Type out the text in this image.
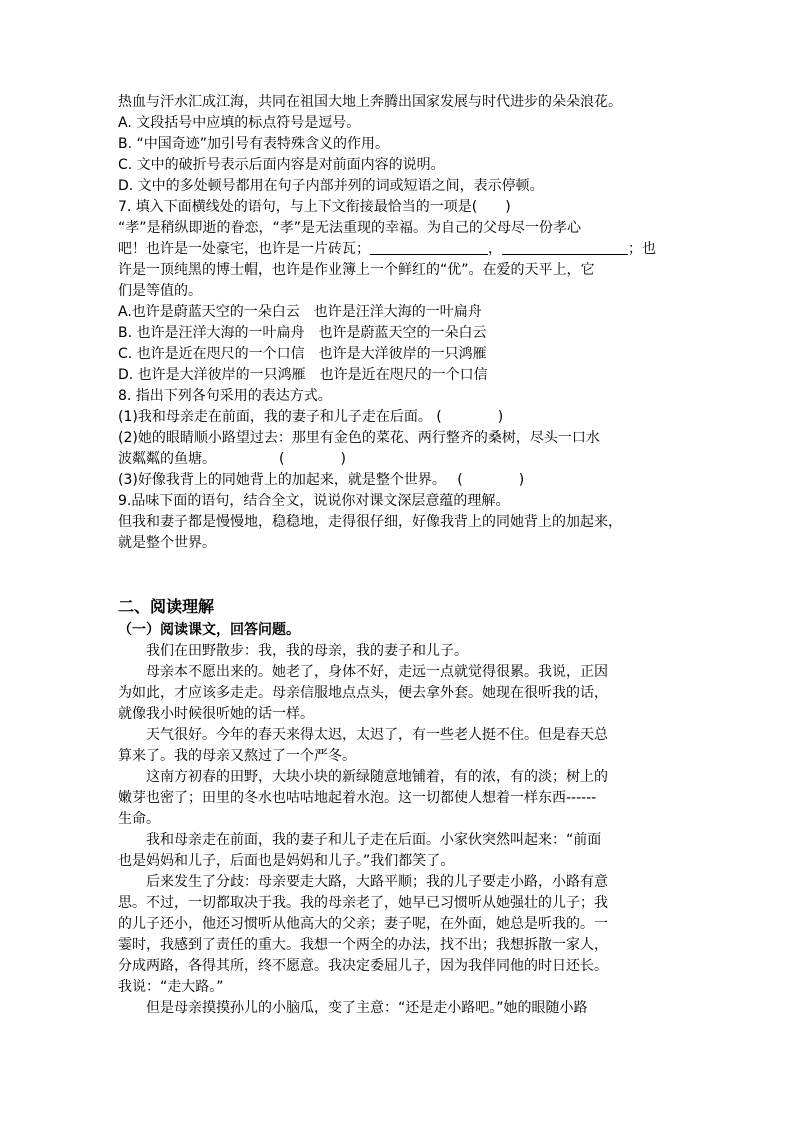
热血与汗水汇成江海，共同在祖国大地上奔腾出国家发展与时代进步的朵朵浪花。
A. 文段括号中应填的标点符号是逗号。
B. “中国奇迹”加引号有表特殊含义的作用。
C. 文中的破折号表示后面内容是对前面内容的说明。
D. 文中的多处顿号都用在句子内部并列的词或短语之间，表示停顿。
7. 填入下面横线处的语句，与上下文衔接最恰当的一项是(　　)
“孝”是稍纵即逝的眷恋，“孝”是无法重现的幸福。为自己的父母尽一份孝心
吧！也许是一处豪宅，也许是一片砖瓦；	，	；也
许是一顶纯黑的博士帽，也许是作业簿上一个鲜红的“优”。在爱的天平上，它
们是等值的。
A.也许是蔚蓝天空的一朵白云　也许是汪洋大海的一叶扁舟
B. 也许是汪洋大海的一叶扁舟　也许是蔚蓝天空的一朵白云
C. 也许是近在咫尺的一个口信　也许是大洋彼岸的一只鸿雁
D. 也许是大洋彼岸的一只鸿雁　也许是近在咫尺的一个口信
8. 指出下列各句采用的表达方式。
(1)我和母亲走在前面，我的妻子和儿子走在后面。 (　　　　)
(2)她的眼睛顺小路望过去：那里有金色的菜花、两行整齐的桑树，尽头一口水
波粼粼的鱼塘。　　　　　(　　　　)
(3)好像我背上的同她背上的加起来，就是整个世界。　 (　　　　)
9.品味下面的语句，结合全文，说说你对课文深层意蕴的理解。
但我和妻子都是慢慢地，稳稳地，走得很仔细，好像我背上的同她背上的加起来，
就是整个世界。
二、阅读理解
（一）阅读课文，回答问题。
我们在田野散步：我，我的母亲，我的妻子和儿子。
母亲本不愿出来的。她老了，身体不好，走远一点就觉得很累。我说，正因
为如此，才应该多走走。母亲信服地点点头，便去拿外套。她现在很听我的话，
就像我小时候很听她的话一样。
天气很好。今年的春天来得太迟，太迟了，有一些老人挺不住。但是春天总
算来了。我的母亲又熬过了一个严冬。
这南方初春的田野，大块小块的新绿随意地铺着，有的浓，有的淡；树上的
嫩芽也密了；田里的冬水也咕咕地起着水泡。这一切都使人想着一样东西------
生命。
我和母亲走在前面，我的妻子和儿子走在后面。小家伙突然叫起来：“前面
也是妈妈和儿子，后面也是妈妈和儿子。”我们都笑了。
后来发生了分歧：母亲要走大路，大路平顺；我的儿子要走小路，小路有意
思。不过，一切都取决于我。我的母亲老了，她早已习惯听从她强壮的儿子；我
的儿子还小，他还习惯听从他高大的父亲；妻子呢，在外面，她总是听我的。一
霎时，我感到了责任的重大。我想一个两全的办法，找不出；我想拆散一家人，
分成两路，各得其所，终不愿意。我决定委屈儿子，因为我伴同他的时日还长。
我说：“走大路。”
但是母亲摸摸孙儿的小脑瓜，变了主意：“还是走小路吧。”她的眼随小路
